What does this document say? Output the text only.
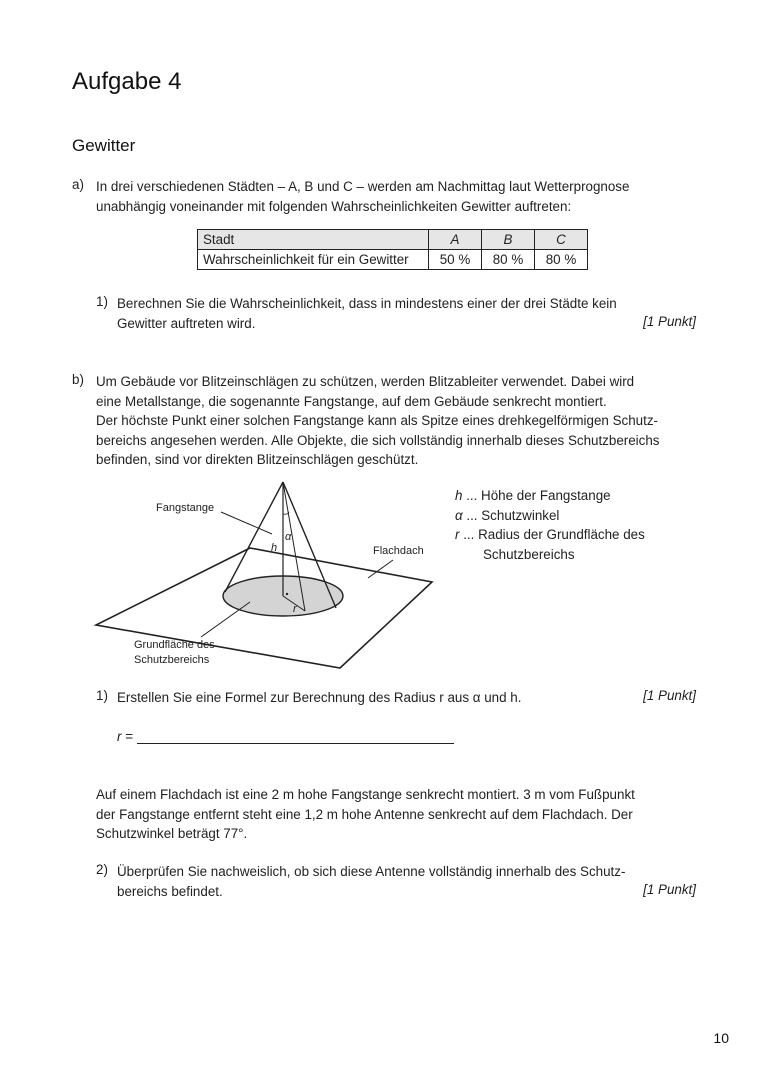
Aufgabe 4
Gewitter
a) In drei verschiedenen Städten – A, B und C – werden am Nachmittag laut Wetterprognose
unabhängig voneinander mit folgenden Wahrscheinlichkeiten Gewitter auftreten:
Stadt	A	B	C
Wahrscheinlichkeit für ein Gewitter	50 %	80 %	80 %
1) Berechnen Sie die Wahrscheinlichkeit, dass in mindestens einer der drei Städte kein
Gewitter auftreten wird.	[1 Punkt]
b) Um Gebäude vor Blitzeinschlägen zu schützen, werden Blitzableiter verwendet. Dabei wird
eine Metallstange, die sogenannte Fangstange, auf dem Gebäude senkrecht montiert.
Der höchste Punkt einer solchen Fangstange kann als Spitze eines drehkegelförmigen Schutz-
bereichs angesehen werden. Alle Objekte, die sich vollständig innerhalb dieses Schutzbereichs
befinden, sind vor direkten Blitzeinschlägen geschützt.
Fangstange
Flachdach
Grundfläche des
Schutzbereichs
h
α
r
h ... Höhe der Fangstange
α ... Schutzwinkel
r ... Radius der Grundfläche des
Schutzbereichs
1) Erstellen Sie eine Formel zur Berechnung des Radius r aus α und h.	[1 Punkt]
r =
Auf einem Flachdach ist eine 2 m hohe Fangstange senkrecht montiert. 3 m vom Fußpunkt
der Fangstange entfernt steht eine 1,2 m hohe Antenne senkrecht auf dem Flachdach. Der
Schutzwinkel beträgt 77°.
2) Überprüfen Sie nachweislich, ob sich diese Antenne vollständig innerhalb des Schutz-
bereichs befindet.	[1 Punkt]
10
